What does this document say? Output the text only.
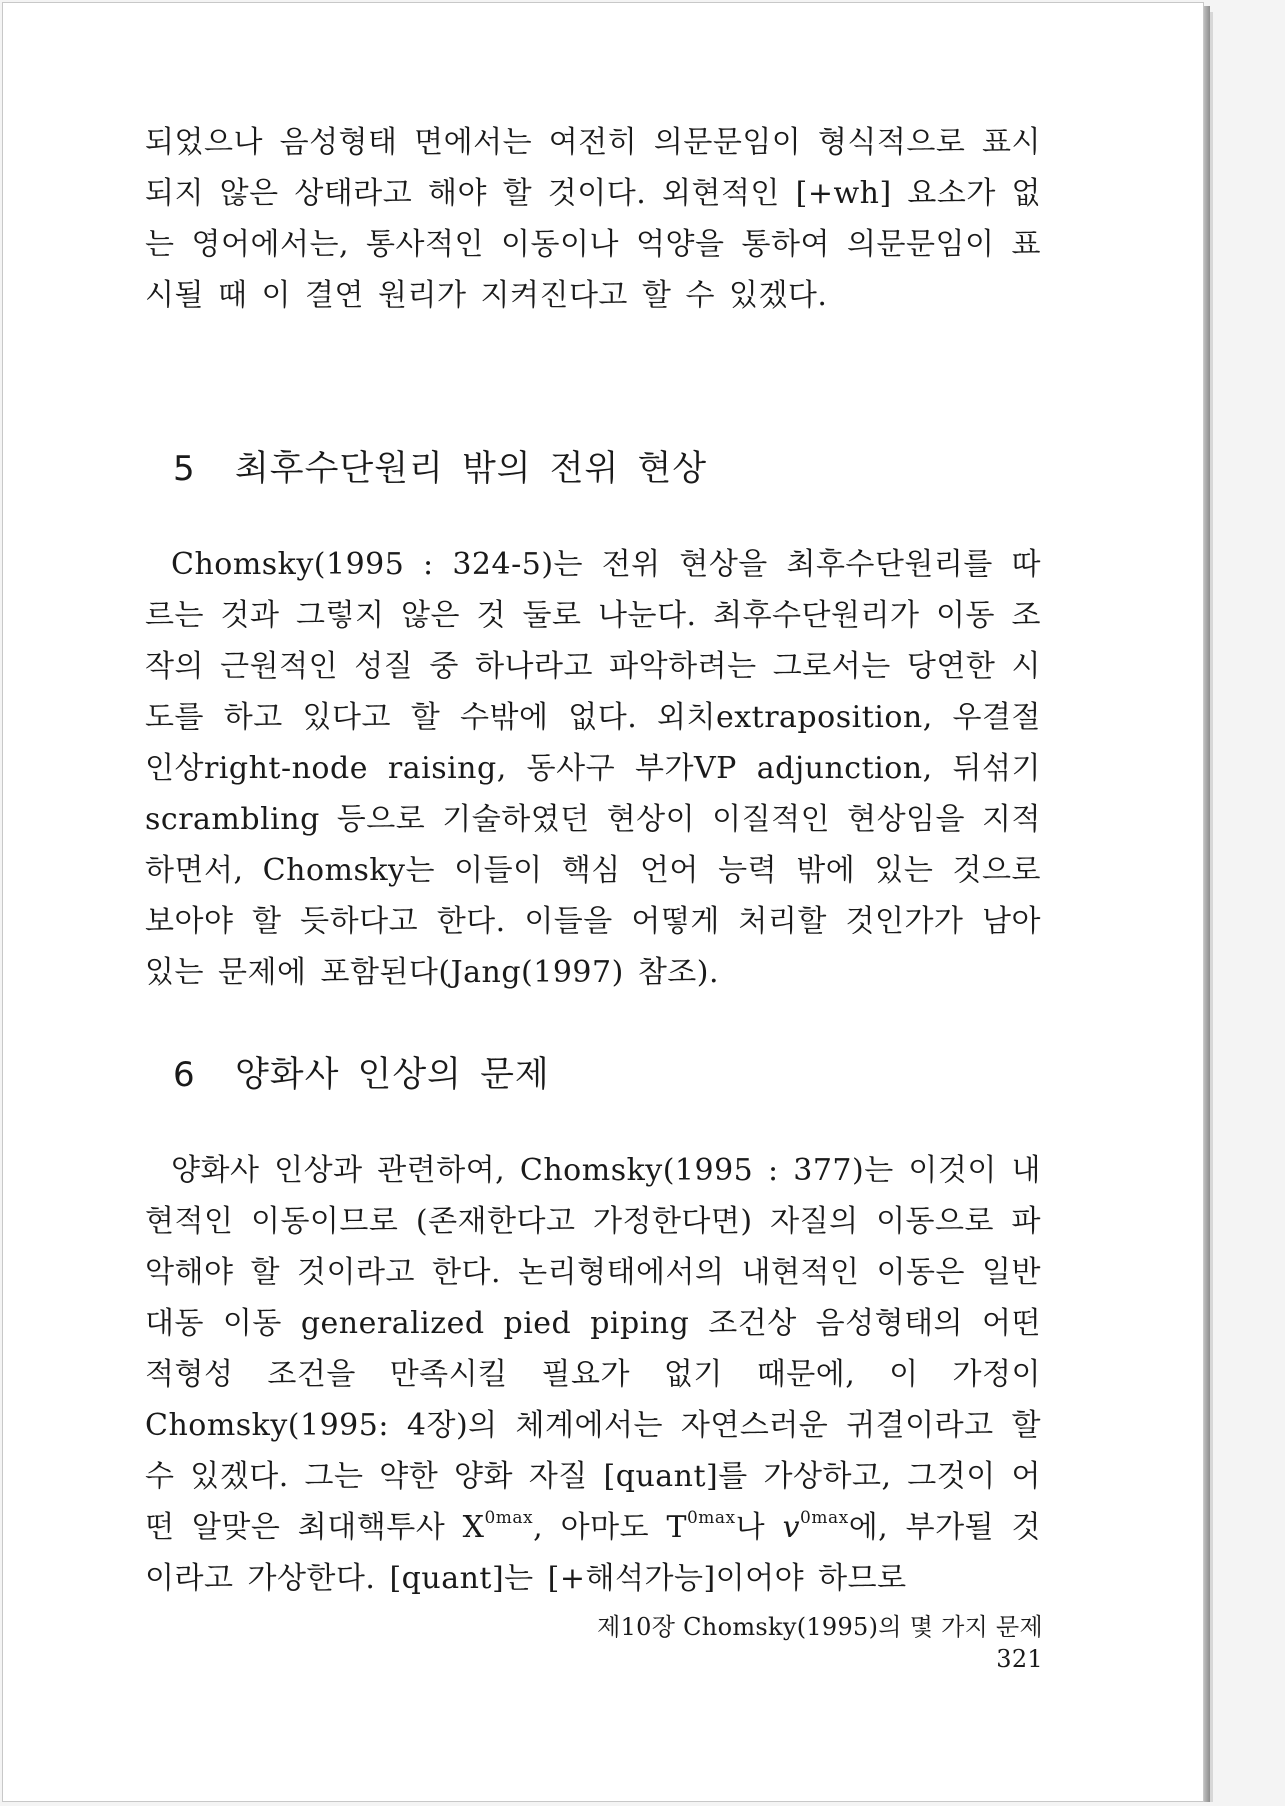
되었으나 음성형태 면에서는 여전히 의문문임이 형식적으로 표시되지 않은 상태라고 해야 할 것이다. 외현적인 [+wh] 요소가 없는 영어에서는, 통사적인 이동이나 억양을 통하여 의문문임이 표시될 때 이 결연 원리가 지켜진다고 할 수 있겠다.

5	최후수단원리 밖의 전위 현상

Chomsky(1995 : 324-5)는 전위 현상을 최후수단원리를 따르는 것과 그렇지 않은 것 둘로 나눈다. 최후수단원리가 이동 조작의 근원적인 성질 중 하나라고 파악하려는 그로서는 당연한 시도를 하고 있다고 할 수밖에 없다. 외치extraposition, 우결절 인상right-node raising, 동사구 부가VP adjunction, 뒤섞기scrambling 등으로 기술하였던 현상이 이질적인 현상임을 지적하면서, Chomsky는 이들이 핵심 언어 능력 밖에 있는 것으로 보아야 할 듯하다고 한다. 이들을 어떻게 처리할 것인가가 남아 있는 문제에 포함된다(Jang(1997) 참조).

6	양화사 인상의 문제

양화사 인상과 관련하여, Chomsky(1995 : 377)는 이것이 내현적인 이동이므로 (존재한다고 가정한다면) 자질의 이동으로 파악해야 할 것이라고 한다. 논리형태에서의 내현적인 이동은 일반 대동 이동 generalized pied piping 조건상 음성형태의 어떤 적형성 조건을 만족시킬 필요가 없기 때문에, 이 가정이 Chomsky(1995: 4장)의 체계에서는 자연스러운 귀결이라고 할 수 있겠다. 그는 약한 양화 자질 [quant]를 가상하고, 그것이 어떤 알맞은 최대핵투사 $X^{0max}$, 아마도 $T^{0max}$나 $v^{0max}$에, 부가될 것이라고 가상한다. [quant]는 [+해석가능]이어야 하므로

제10장 Chomsky(1995)의 몇 가지 문제321
